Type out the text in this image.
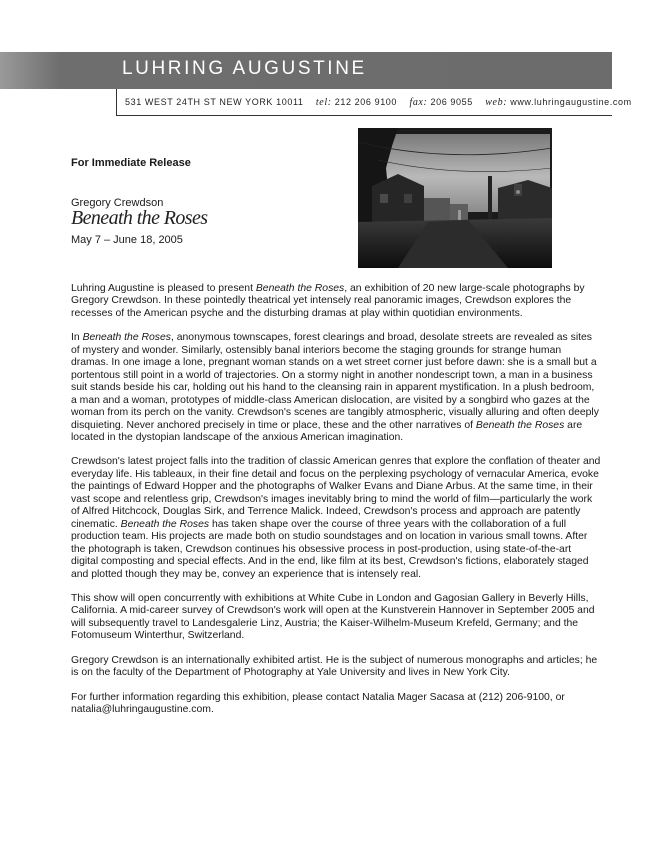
LUHRING AUGUSTINE
531 WEST 24TH ST NEW YORK 10011 tel: 212 206 9100 fax: 206 9055 web: www.luhringaugustine.com
For Immediate Release
Gregory Crewdson
Beneath the Roses
May 7 – June 18, 2005

Luhring Augustine is pleased to present Beneath the Roses, an exhibition of 20 new large-scale photographs by Gregory Crewdson. In these pointedly theatrical yet intensely real panoramic images, Crewdson explores the recesses of the American psyche and the disturbing dramas at play within quotidian environments.

In Beneath the Roses, anonymous townscapes, forest clearings and broad, desolate streets are revealed as sites of mystery and wonder. Similarly, ostensibly banal interiors become the staging grounds for strange human dramas. In one image a lone, pregnant woman stands on a wet street corner just before dawn: she is a small but a portentous still point in a world of trajectories. On a stormy night in another nondescript town, a man in a business suit stands beside his car, holding out his hand to the cleansing rain in apparent mystification. In a plush bedroom, a man and a woman, prototypes of middle-class American dislocation, are visited by a songbird who gazes at the woman from its perch on the vanity. Crewdson's scenes are tangibly atmospheric, visually alluring and often deeply disquieting. Never anchored precisely in time or place, these and the other narratives of Beneath the Roses are located in the dystopian landscape of the anxious American imagination.

Crewdson's latest project falls into the tradition of classic American genres that explore the conflation of theater and everyday life. His tableaux, in their fine detail and focus on the perplexing psychology of vernacular America, evoke the paintings of Edward Hopper and the photographs of Walker Evans and Diane Arbus. At the same time, in their vast scope and relentless grip, Crewdson's images inevitably bring to mind the world of film—particularly the work of Alfred Hitchcock, Douglas Sirk, and Terrence Malick. Indeed, Crewdson's process and approach are patently cinematic. Beneath the Roses has taken shape over the course of three years with the collaboration of a full production team. His projects are made both on studio soundstages and on location in various small towns. After the photograph is taken, Crewdson continues his obsessive process in post-production, using state-of-the-art digital composting and special effects. And in the end, like film at its best, Crewdson's fictions, elaborately staged and plotted though they may be, convey an experience that is intensely real.

This show will open concurrently with exhibitions at White Cube in London and Gagosian Gallery in Beverly Hills, California. A mid-career survey of Crewdson's work will open at the Kunstverein Hannover in September 2005 and will subsequently travel to Landesgalerie Linz, Austria; the Kaiser-Wilhelm-Museum Krefeld, Germany; and the Fotomuseum Winterthur, Switzerland.

Gregory Crewdson is an internationally exhibited artist. He is the subject of numerous monographs and articles; he is on the faculty of the Department of Photography at Yale University and lives in New York City.

For further information regarding this exhibition, please contact Natalia Mager Sacasa at (212) 206-9100, or natalia@luhringaugustine.com.
